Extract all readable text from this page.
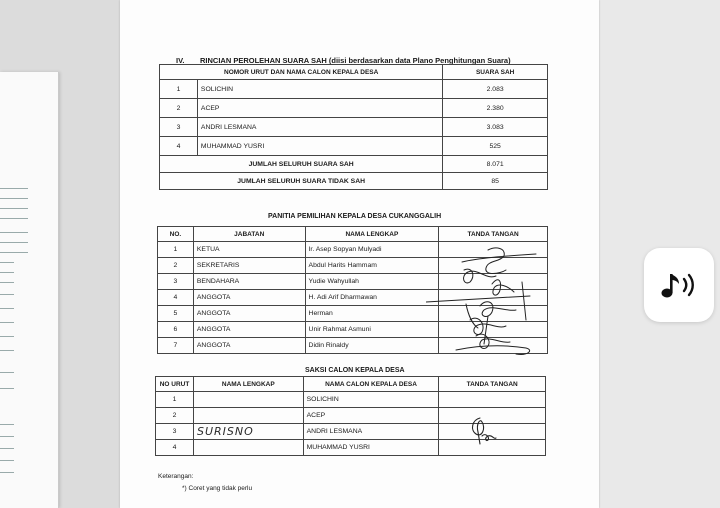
IV. RINCIAN PEROLEHAN SUARA SAH (diisi berdasarkan data Plano Penghitungan Suara)
NOMOR URUT DAN NAMA CALON KEPALA DESA		SUARA SAH
1	SOLICHIN	2.083
2	ACEP	2.380
3	ANDRI LESMANA	3.083
4	MUHAMMAD YUSRI	525
JUMLAH SELURUH SUARA SAH		8.071
JUMLAH SELURUH SUARA TIDAK SAH		85
PANITIA PEMILIHAN KEPALA DESA CUKANGGALIH
NO.	JABATAN	NAMA LENGKAP	TANDA TANGAN
1	KETUA	Ir. Asep Sopyan Mulyadi	
2	SEKRETARIS	Abdul Harits Hammam	
3	BENDAHARA	Yudie Wahyullah	
4	ANGGOTA	H. Adi Arif Dharmawan	
5	ANGGOTA	Herman	
6	ANGGOTA	Unir Rahmat Asmuni	
7	ANGGOTA	Didin Rinaldy	
SAKSI CALON KEPALA DESA
NO URUT	NAMA LENGKAP	NAMA CALON KEPALA DESA	TANDA TANGAN
1		SOLICHIN	
2		ACEP	
3	SURISNO	ANDRI LESMANA	
4		MUHAMMAD YUSRI	
Keterangan:
*) Coret yang tidak perlu
